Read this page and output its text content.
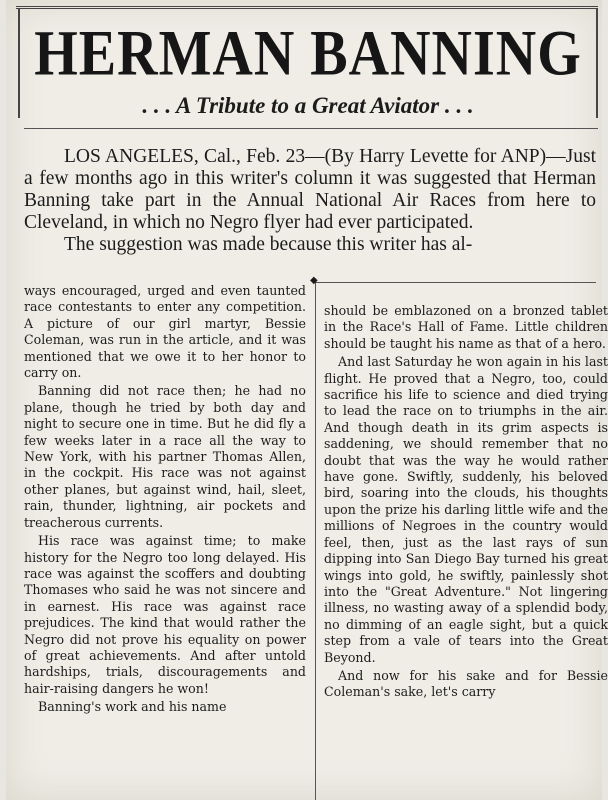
HERMAN BANNING
. . . A Tribute to a Great Aviator . . .

LOS ANGELES, Cal., Feb. 23—(By Harry Levette for ANP)—Just a few months ago in this writer's column it was suggested that Herman Banning take part in the Annual National Air Races from here to Cleveland, in which no Negro flyer had ever participated.

The suggestion was made because this writer has al-

◆

ways encouraged, urged and even taunted race contestants to enter any competition. A picture of our girl martyr, Bessie Coleman, was run in the article, and it was mentioned that we owe it to her honor to carry on.

Banning did not race then; he had no plane, though he tried by both day and night to secure one in time. But he did fly a few weeks later in a race all the way to New York, with his partner Thomas Allen, in the cockpit. His race was not against other planes, but against wind, hail, sleet, rain, thunder, lightning, air pockets and treacherous currents.

His race was against time; to make history for the Negro too long delayed. His race was against the scoffers and doubting Thomases who said he was not sincere and in earnest. His race was against race prejudices. The kind that would rather the Negro did not prove his equality on power of great achievements. And after untold hardships, trials, discouragements and hair-raising dangers he won!

Banning's work and his name

should be emblazoned on a bronzed tablet in the Race's Hall of Fame. Little children should be taught his name as that of a hero.

And last Saturday he won again in his last flight. He proved that a Negro, too, could sacrifice his life to science and died trying to lead the race on to triumphs in the air. And though death in its grim aspects is saddening, we should remember that no doubt that was the way he would rather have gone. Swiftly, suddenly, his beloved bird, soaring into the clouds, his thoughts upon the prize his darling little wife and the millions of Negroes in the country would feel, then, just as the last rays of sun dipping into San Diego Bay turned his great wings into gold, he swiftly, painlessly shot into the "Great Adventure." Not lingering illness, no wasting away of a splendid body, no dimming of an eagle sight, but a quick step from a vale of tears into the Great Beyond.

And now for his sake and for Bessie Coleman's sake, let's carry
